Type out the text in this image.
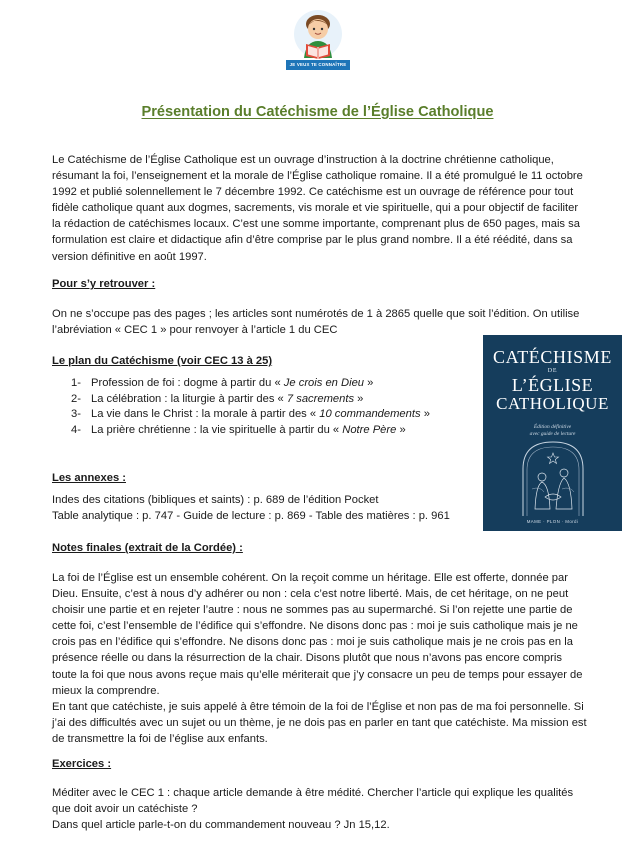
JE VEUX TE CONNAÎTRE
Présentation du Catéchisme de l’Église Catholique

Le Catéchisme de l’Église Catholique est un ouvrage d’instruction à la doctrine chrétienne catholique, résumant la foi, l’enseignement et la morale de l’Église catholique romaine. Il a été promulgué le 11 octobre 1992 et publié solennellement le 7 décembre 1992. Ce catéchisme est un ouvrage de référence pour tout fidèle catholique quant aux dogmes, sacrements, vis morale et vie spirituelle, qui a pour objectif de faciliter la rédaction de catéchismes locaux. C’est une somme importante, comprenant plus de 650 pages, mais sa formulation est claire et didactique afin d’être comprise par le plus grand nombre. Il a été réédité, dans sa version définitive en août 1997.

Pour s’y retrouver :

On ne s’occupe pas des pages ; les articles sont numérotés de 1 à 2865 quelle que soit l’édition. On utilise l’abréviation « CEC 1 » pour renvoyer à l’article 1 du CEC

Le plan du Catéchisme (voir CEC 13 à 25)

1- Profession de foi : dogme à partir du « Je crois en Dieu »
2- La célébration : la liturgie à partir des « 7 sacrements »
3- La vie dans le Christ : la morale à partir des « 10 commandements »
4- La prière chrétienne : la vie spirituelle à partir du « Notre Père »

Les annexes :

Indes des citations (bibliques et saints) : p. 689 de l’édition Pocket

Table analytique : p. 747 - Guide de lecture : p. 869 - Table des matières : p. 961

Notes finales (extrait de la Cordée) :

La foi de l’Église est un ensemble cohérent. On la reçoit comme un héritage. Elle est offerte, donnée par Dieu. Ensuite, c’est à nous d’y adhérer ou non : cela c’est notre liberté. Mais, de cet héritage, on ne peut choisir une partie et en rejeter l’autre : nous ne sommes pas au supermarché. Si l’on rejette une partie de cette foi, c’est l’ensemble de l’édifice qui s’effondre. Ne disons donc pas : moi je suis catholique mais je ne crois pas en l’édifice qui s’effondre. Ne disons donc pas : moi je suis catholique mais je ne crois pas en la présence réelle ou dans la résurrection de la chair. Disons plutôt que nous n’avons pas encore compris toute la foi que nous avons reçue mais qu’elle mériterait que j’y consacre un peu de temps pour essayer de mieux la comprendre.

En tant que catéchiste, je suis appelé à être témoin de la foi de l’Église et non pas de ma foi personnelle. Si j’ai des difficultés avec un sujet ou un thème, je ne dois pas en parler en tant que catéchiste. Ma mission est de transmettre la foi de l’église aux enfants.

Exercices :

Méditer avec le CEC 1 : chaque article demande à être médité. Chercher l’article qui explique les qualités que doit avoir un catéchiste ?

Dans quel article parle-t-on du commandement nouveau ? Jn 15,12.

CATÉCHISME
DE
L’ÉGLISE
CATHOLIQUE
Édition définitive
avec guide de lecture
MAME · PLON · Mordi
